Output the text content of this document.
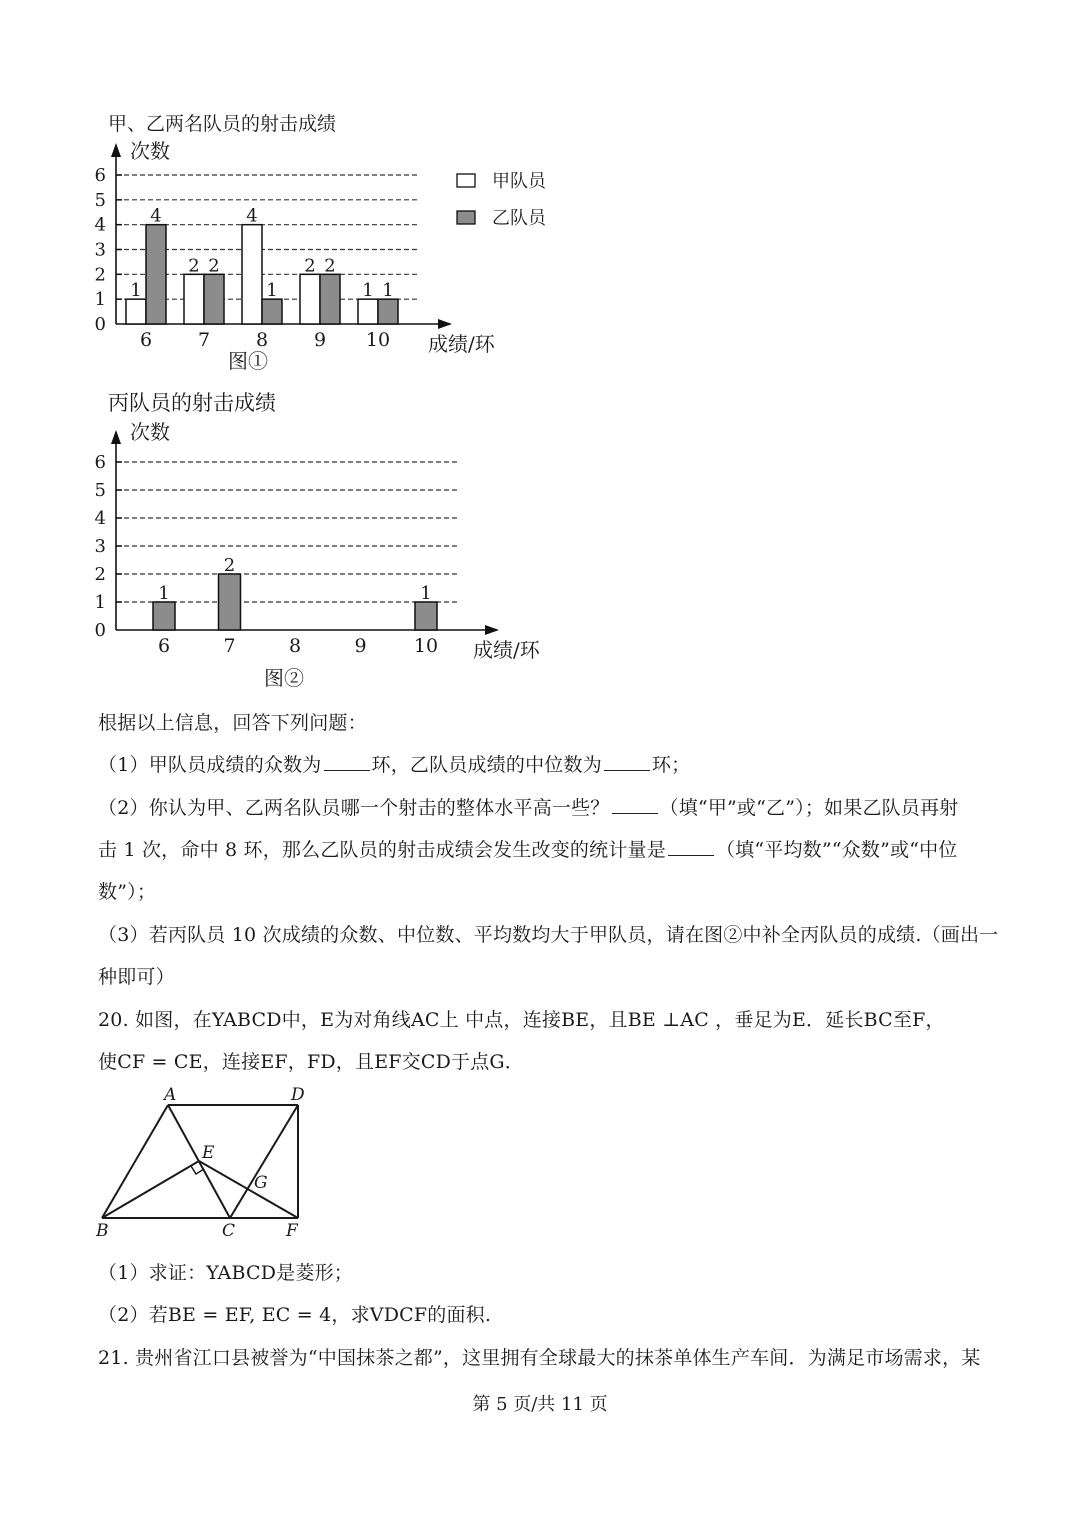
甲、乙两名队员的射击成绩
次数
0
1
2
3
4
5
6
成绩/环
6
1
4
7
2 2
8
4
1
9
2 2
10
1 1
图①
甲队员
乙队员
丙队员的射击成绩
次数
0
1
2
3
4
5
6
成绩/环
6
1
7
2
8	9 10
1
图②
根据以上信息，回答下列问题：
（1）甲队员成绩的众数为	环，乙队员成绩的中位数为	环；
（2）你认为甲、乙两名队员哪一个射击的整体水平高一些？	（填“甲”或“乙”）；如果乙队员再射
击 1 次，命中 8 环，那么乙队员的射击成绩会发生改变的统计量是	（填“平均数”“众数”或“中位
数”）；
（3）若丙队员 10 次成绩的众数、中位数、平均数均大于甲队员，请在图②中补全丙队员的成绩.（画出一
种即可）
20. 如图，在YABCD中，E为对角线AC上 中点，连接BE，且BE ⊥AC ，垂足为E．延长BC至F，
使CF = CE，连接EF，FD，且EF交CD于点G．
A	D
E
G
B	C	F
（1）求证：YABCD是菱形；
（2）若BE = EF, EC = 4，求VDCF的面积.
21. 贵州省江口县被誉为“中国抹茶之都”，这里拥有全球最大的抹茶单体生产车间．为满足市场需求，某
第 5 页/共 11 页
